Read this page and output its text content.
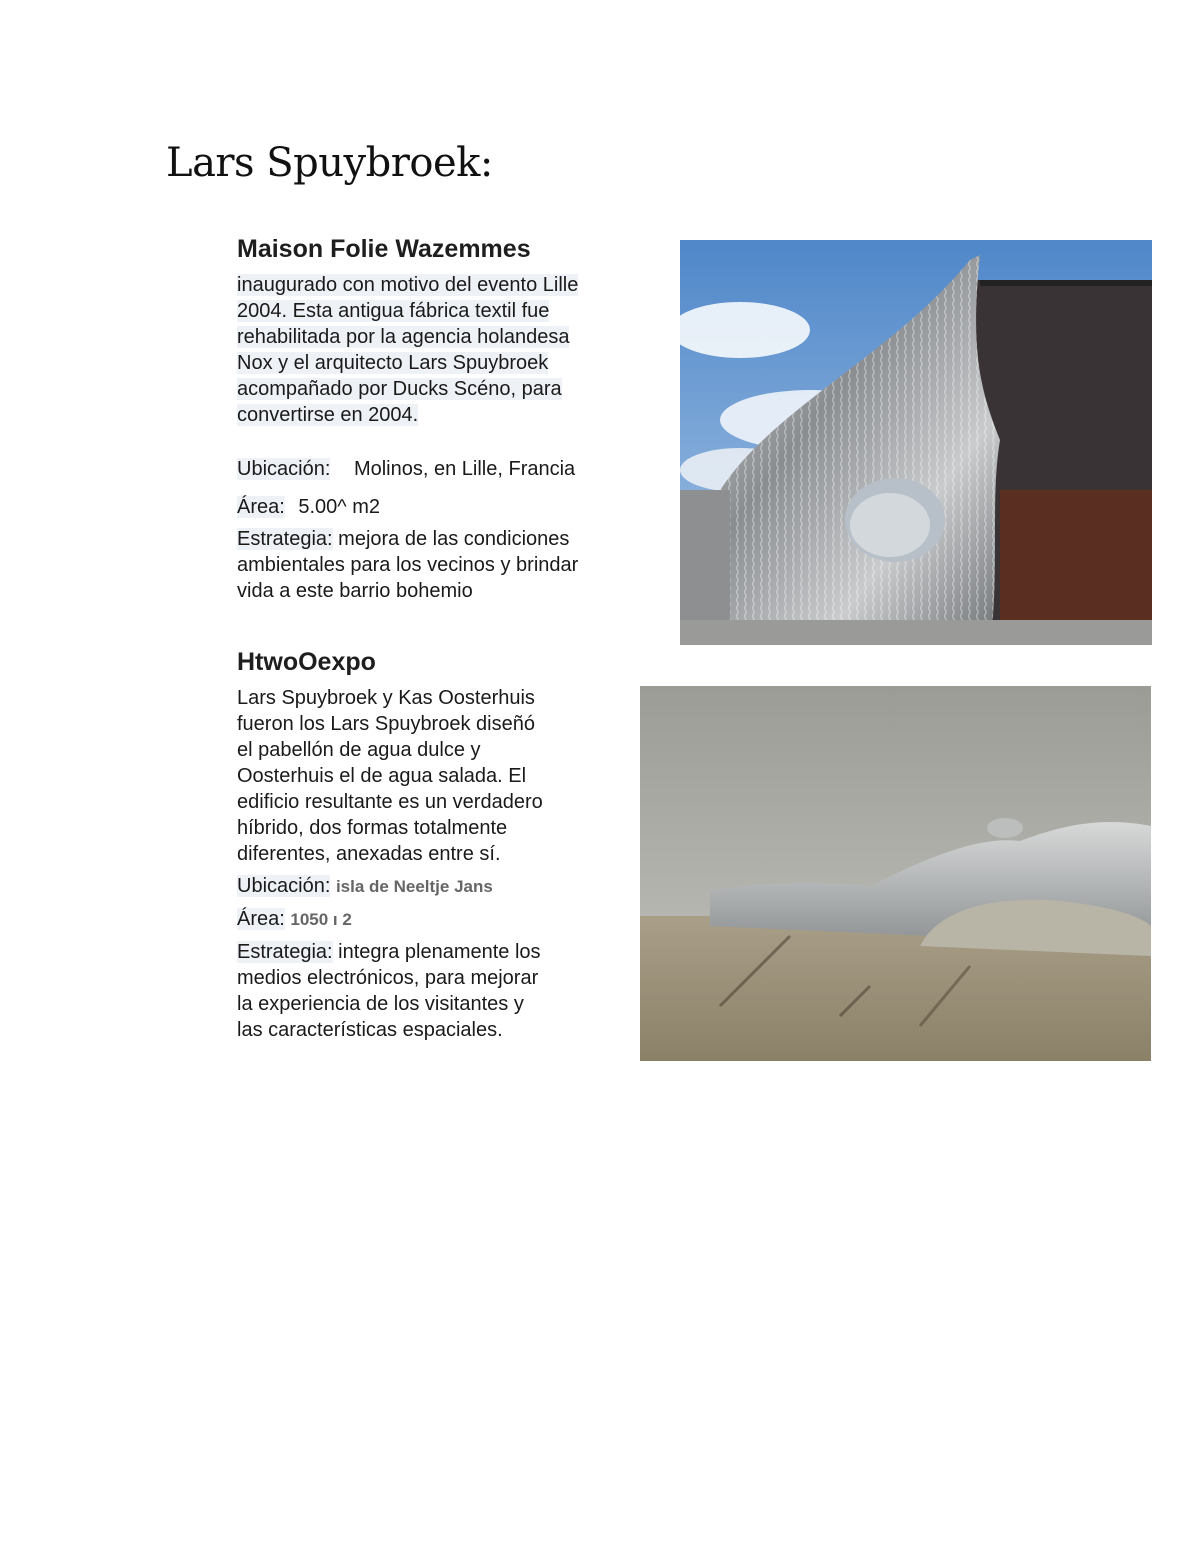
Lars Spuybroek:
Maison Folie Wazemmes
inaugurado con motivo del evento Lille
2004. Esta antigua fábrica textil fue
rehabilitada por la agencia holandesa
Nox y el arquitecto Lars Spuybroek
acompañado por Ducks Scéno, para
convertirse en 2004.
Ubicación: Molinos, en Lille, Francia
Área: 5.00^ m2
Estrategia: mejora de las condiciones
ambientales para los vecinos y brindar
vida a este barrio bohemio
HtwoOexpo
Lars Spuybroek y Kas Oosterhuis
fueron los Lars Spuybroek diseñó
el pabellón de agua dulce y
Oosterhuis el de agua salada. El
edificio resultante es un verdadero
híbrido, dos formas totalmente
diferentes, anexadas entre sí.
Ubicación: isla de Neeltje Jans
Área: 1050 ı 2
Estrategia: integra plenamente los
medios electrónicos, para mejorar
la experiencia de los visitantes y
las características espaciales.
